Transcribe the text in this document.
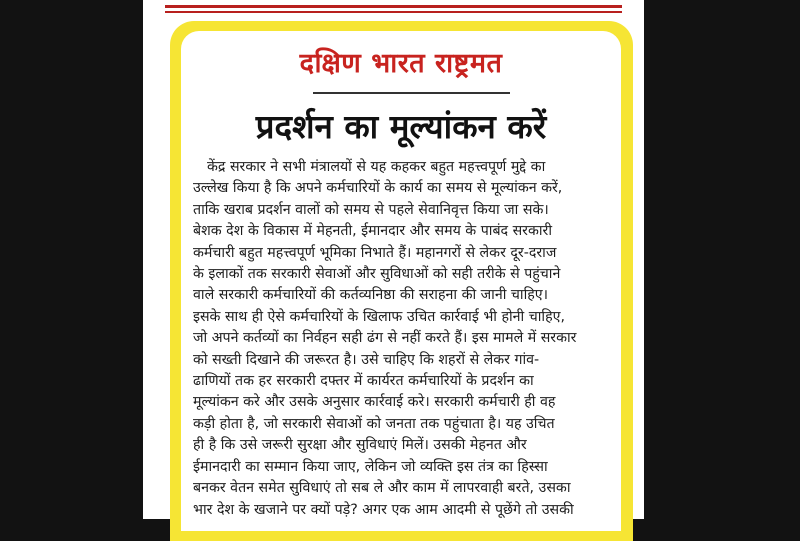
दक्षिण भारत राष्ट्रमत
प्रदर्शन का मूल्यांकन करें
केंद्र सरकार ने सभी मंत्रालयों से यह कहकर बहुत महत्त्वपूर्ण मुद्दे का
उल्लेख किया है कि अपने कर्मचारियों के कार्य का समय से मूल्यांकन करें,
ताकि खराब प्रदर्शन वालों को समय से पहले सेवानिवृत्त किया जा सके।
बेशक देश के विकास में मेहनती, ईमानदार और समय के पाबंद सरकारी
कर्मचारी बहुत महत्त्वपूर्ण भूमिका निभाते हैं। महानगरों से लेकर दूर-दराज
के इलाकों तक सरकारी सेवाओं और सुविधाओं को सही तरीके से पहुंचाने
वाले सरकारी कर्मचारियों की कर्तव्यनिष्ठा की सराहना की जानी चाहिए।
इसके साथ ही ऐसे कर्मचारियों के खिलाफ उचित कार्रवाई भी होनी चाहिए,
जो अपने कर्तव्यों का निर्वहन सही ढंग से नहीं करते हैं। इस मामले में सरकार
को सख्ती दिखाने की जरूरत है। उसे चाहिए कि शहरों से लेकर गांव-
ढाणियों तक हर सरकारी दफ्तर में कार्यरत कर्मचारियों के प्रदर्शन का
मूल्यांकन करे और उसके अनुसार कार्रवाई करे। सरकारी कर्मचारी ही वह
कड़ी होता है, जो सरकारी सेवाओं को जनता तक पहुंचाता है। यह उचित
ही है कि उसे जरूरी सुरक्षा और सुविधाएं मिलें। उसकी मेहनत और
ईमानदारी का सम्मान किया जाए, लेकिन जो व्यक्ति इस तंत्र का हिस्सा
बनकर वेतन समेत सुविधाएं तो सब ले और काम में लापरवाही बरते, उसका
भार देश के खजाने पर क्यों पड़े? अगर एक आम आदमी से पूछेंगे तो उसकी
